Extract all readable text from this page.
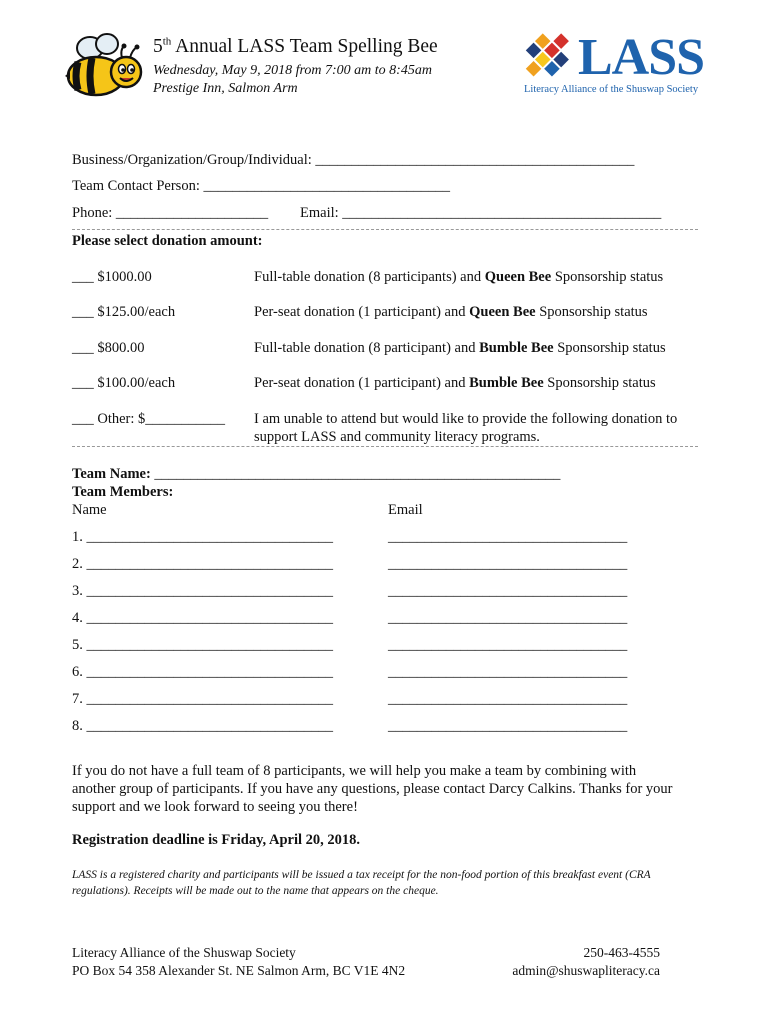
5th Annual LASS Team Spelling Bee
Wednesday, May 9, 2018 from 7:00 am to 8:45am
Prestige Inn, Salmon Arm
LASS
Literacy Alliance of the Shuswap Society
Business/Organization/Group/Individual: ____________________________________________
Team Contact Person: __________________________________
Phone: _____________________ Email: ____________________________________________
Please select donation amount:
___ $1000.00	Full-table donation (8 participants) and Queen Bee Sponsorship status
___ $125.00/each	Per-seat donation (1 participant) and Queen Bee Sponsorship status
___ $800.00	Full-table donation (8 participant) and Bumble Bee Sponsorship status
___ $100.00/each	Per-seat donation (1 participant) and Bumble Bee Sponsorship status
___ Other: $___________ I am unable to attend but would like to provide the following donation to
support LASS and community literacy programs.
Team Name: ________________________________________________________
Team Members:
Name	Email
1. __________________________________	_________________________________
2. __________________________________	_________________________________
3. __________________________________	_________________________________
4. __________________________________	_________________________________
5. __________________________________	_________________________________
6. __________________________________	_________________________________
7. __________________________________	_________________________________
8. __________________________________	_________________________________
If you do not have a full team of 8 participants, we will help you make a team by combining with another group of participants. If you have any questions, please contact Darcy Calkins. Thanks for your support and we look forward to seeing you there!
Registration deadline is Friday, April 20, 2018.
LASS is a registered charity and participants will be issued a tax receipt for the non-food portion of this breakfast event (CRA regulations). Receipts will be made out to the name that appears on the cheque.
Literacy Alliance of the Shuswap Society
PO Box 54 358 Alexander St. NE Salmon Arm, BC V1E 4N2
250-463-4555
admin@shuswapliteracy.ca
